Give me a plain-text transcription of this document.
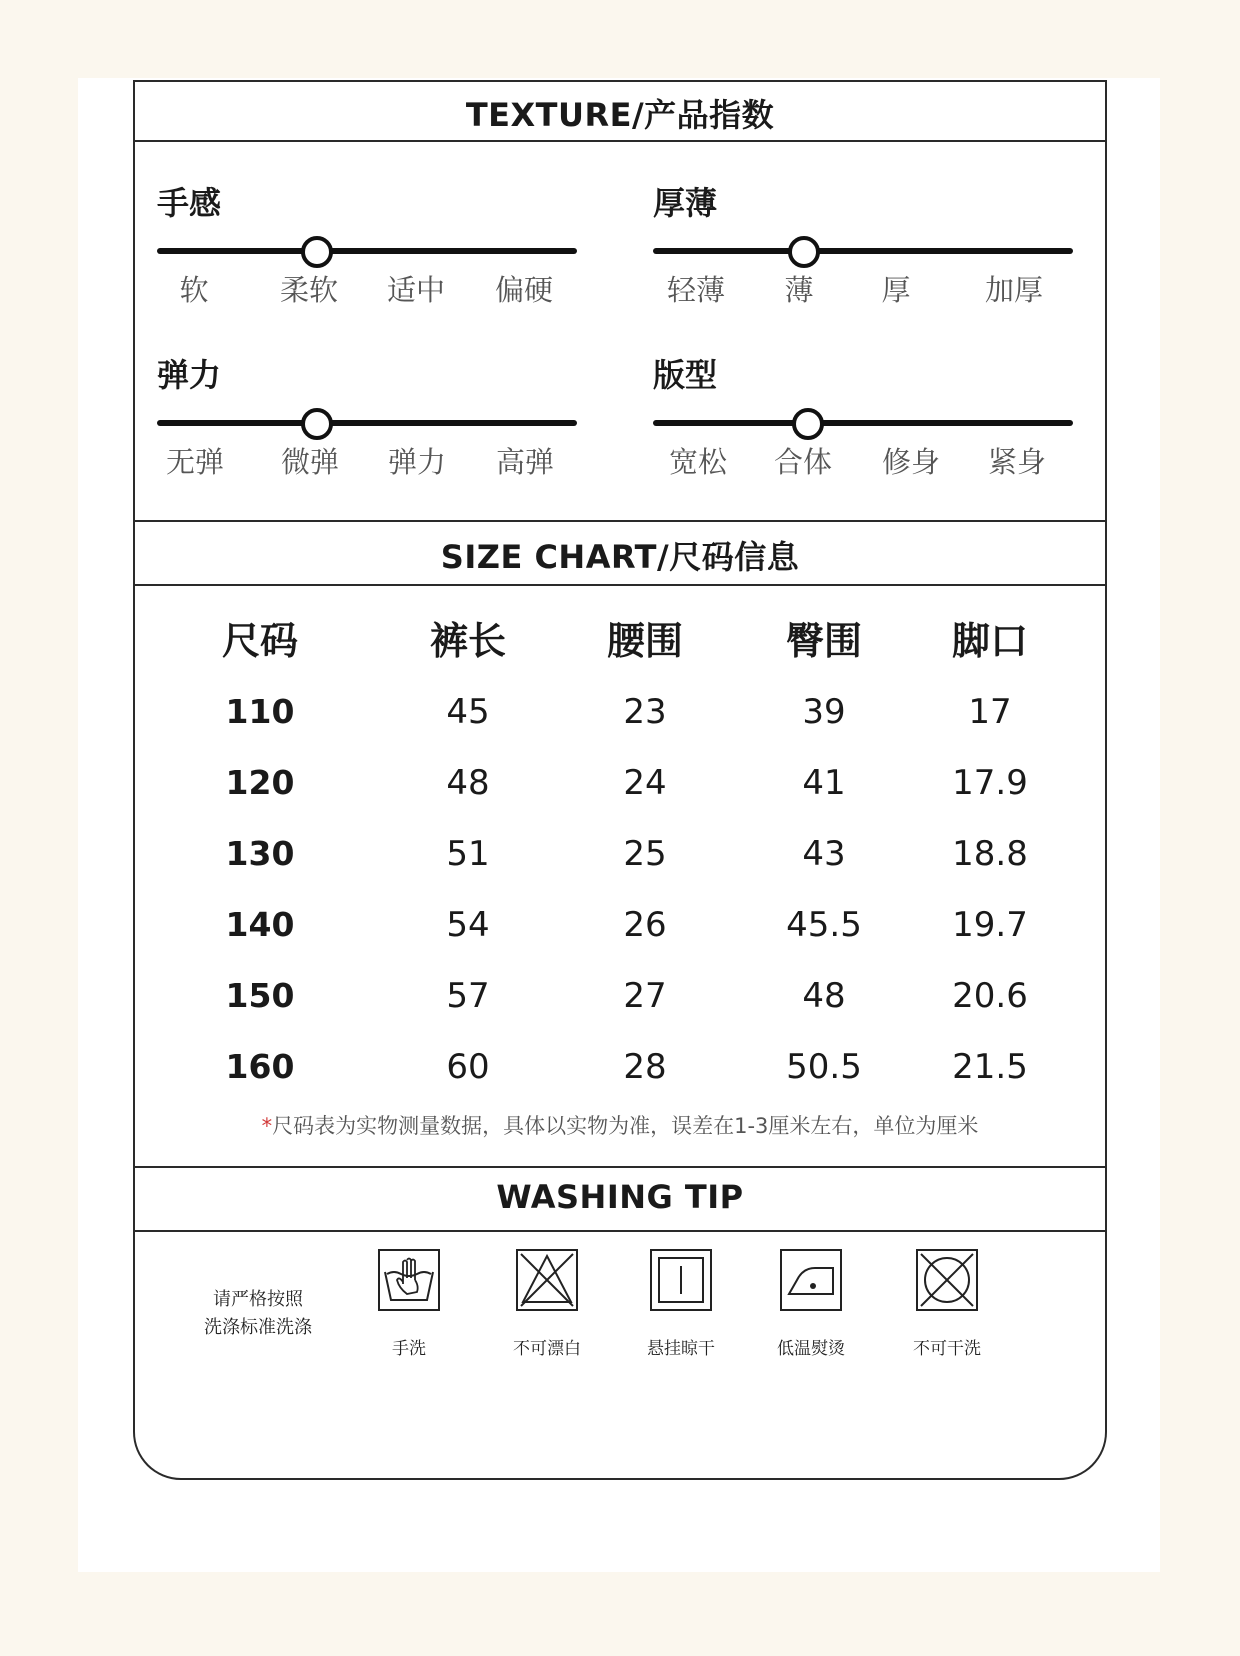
TEXTURE/产品指数
手感
软	柔软	适中	偏硬
厚薄
轻薄	薄	厚	加厚
弹力
无弹	微弹	弹力	高弹
版型
宽松	合体	修身	紧身
SIZE CHART/尺码信息
尺码	裤长	腰围	臀围	脚口
110	45	23	39	17
120	48	24	41	17.9
130	51	25	43	18.8
140	54	26	45.5	19.7
150	57	27	48	20.6
160	60	28	50.5	21.5
*尺码表为实物测量数据，具体以实物为准，误差在1-3厘米左右，单位为厘米
WASHING TIP
请严格按照
洗涤标准洗涤
手洗	不可漂白	悬挂晾干	低温熨烫	不可干洗
